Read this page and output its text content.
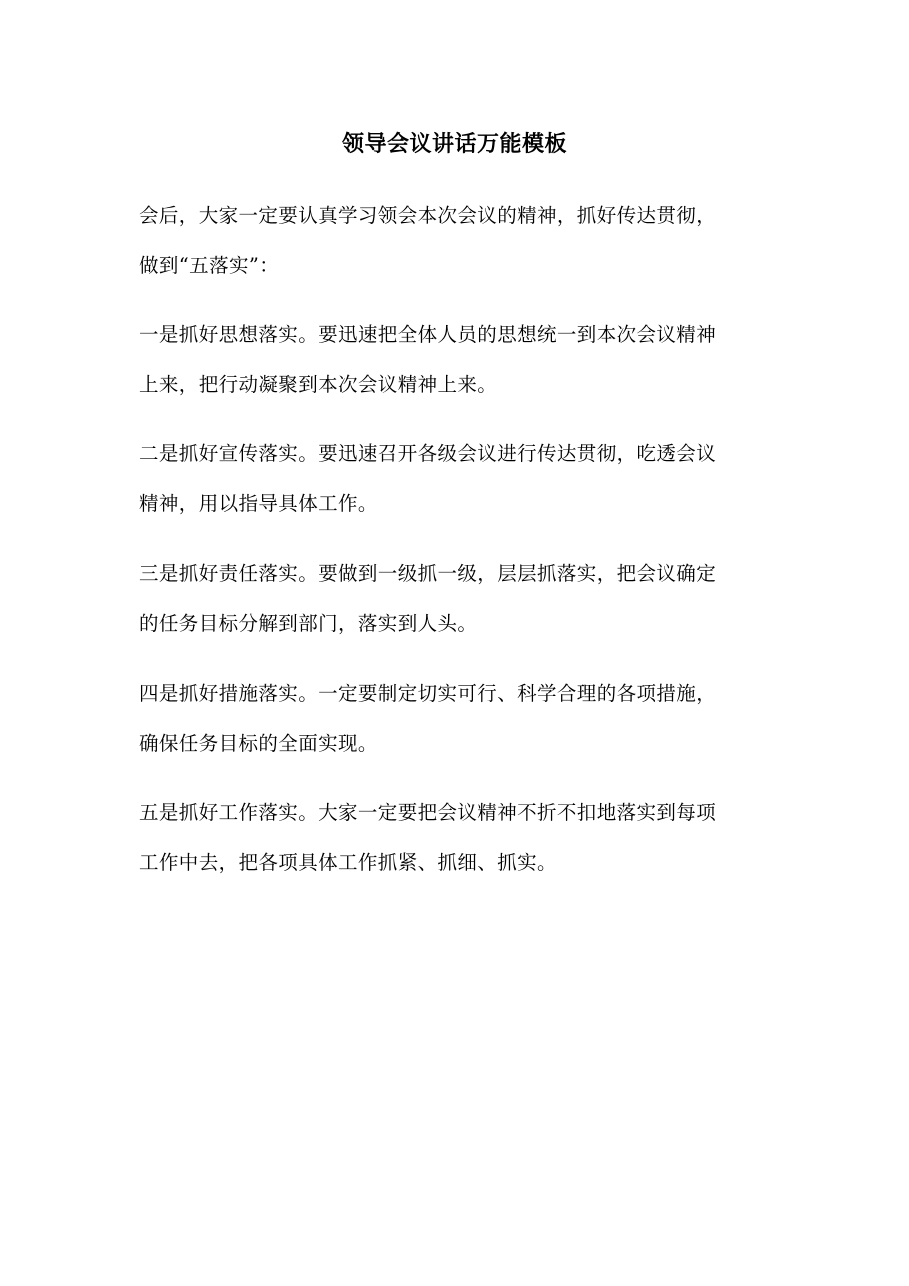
领导会议讲话万能模板

会后，大家一定要认真学习领会本次会议的精神，抓好传达贯彻，
做到“五落实”：

一是抓好思想落实。要迅速把全体人员的思想统一到本次会议精神
上来，把行动凝聚到本次会议精神上来。

二是抓好宣传落实。要迅速召开各级会议进行传达贯彻，吃透会议
精神，用以指导具体工作。

三是抓好责任落实。要做到一级抓一级，层层抓落实，把会议确定
的任务目标分解到部门，落实到人头。

四是抓好措施落实。一定要制定切实可行、科学合理的各项措施，
确保任务目标的全面实现。

五是抓好工作落实。大家一定要把会议精神不折不扣地落实到每项
工作中去，把各项具体工作抓紧、抓细、抓实。
